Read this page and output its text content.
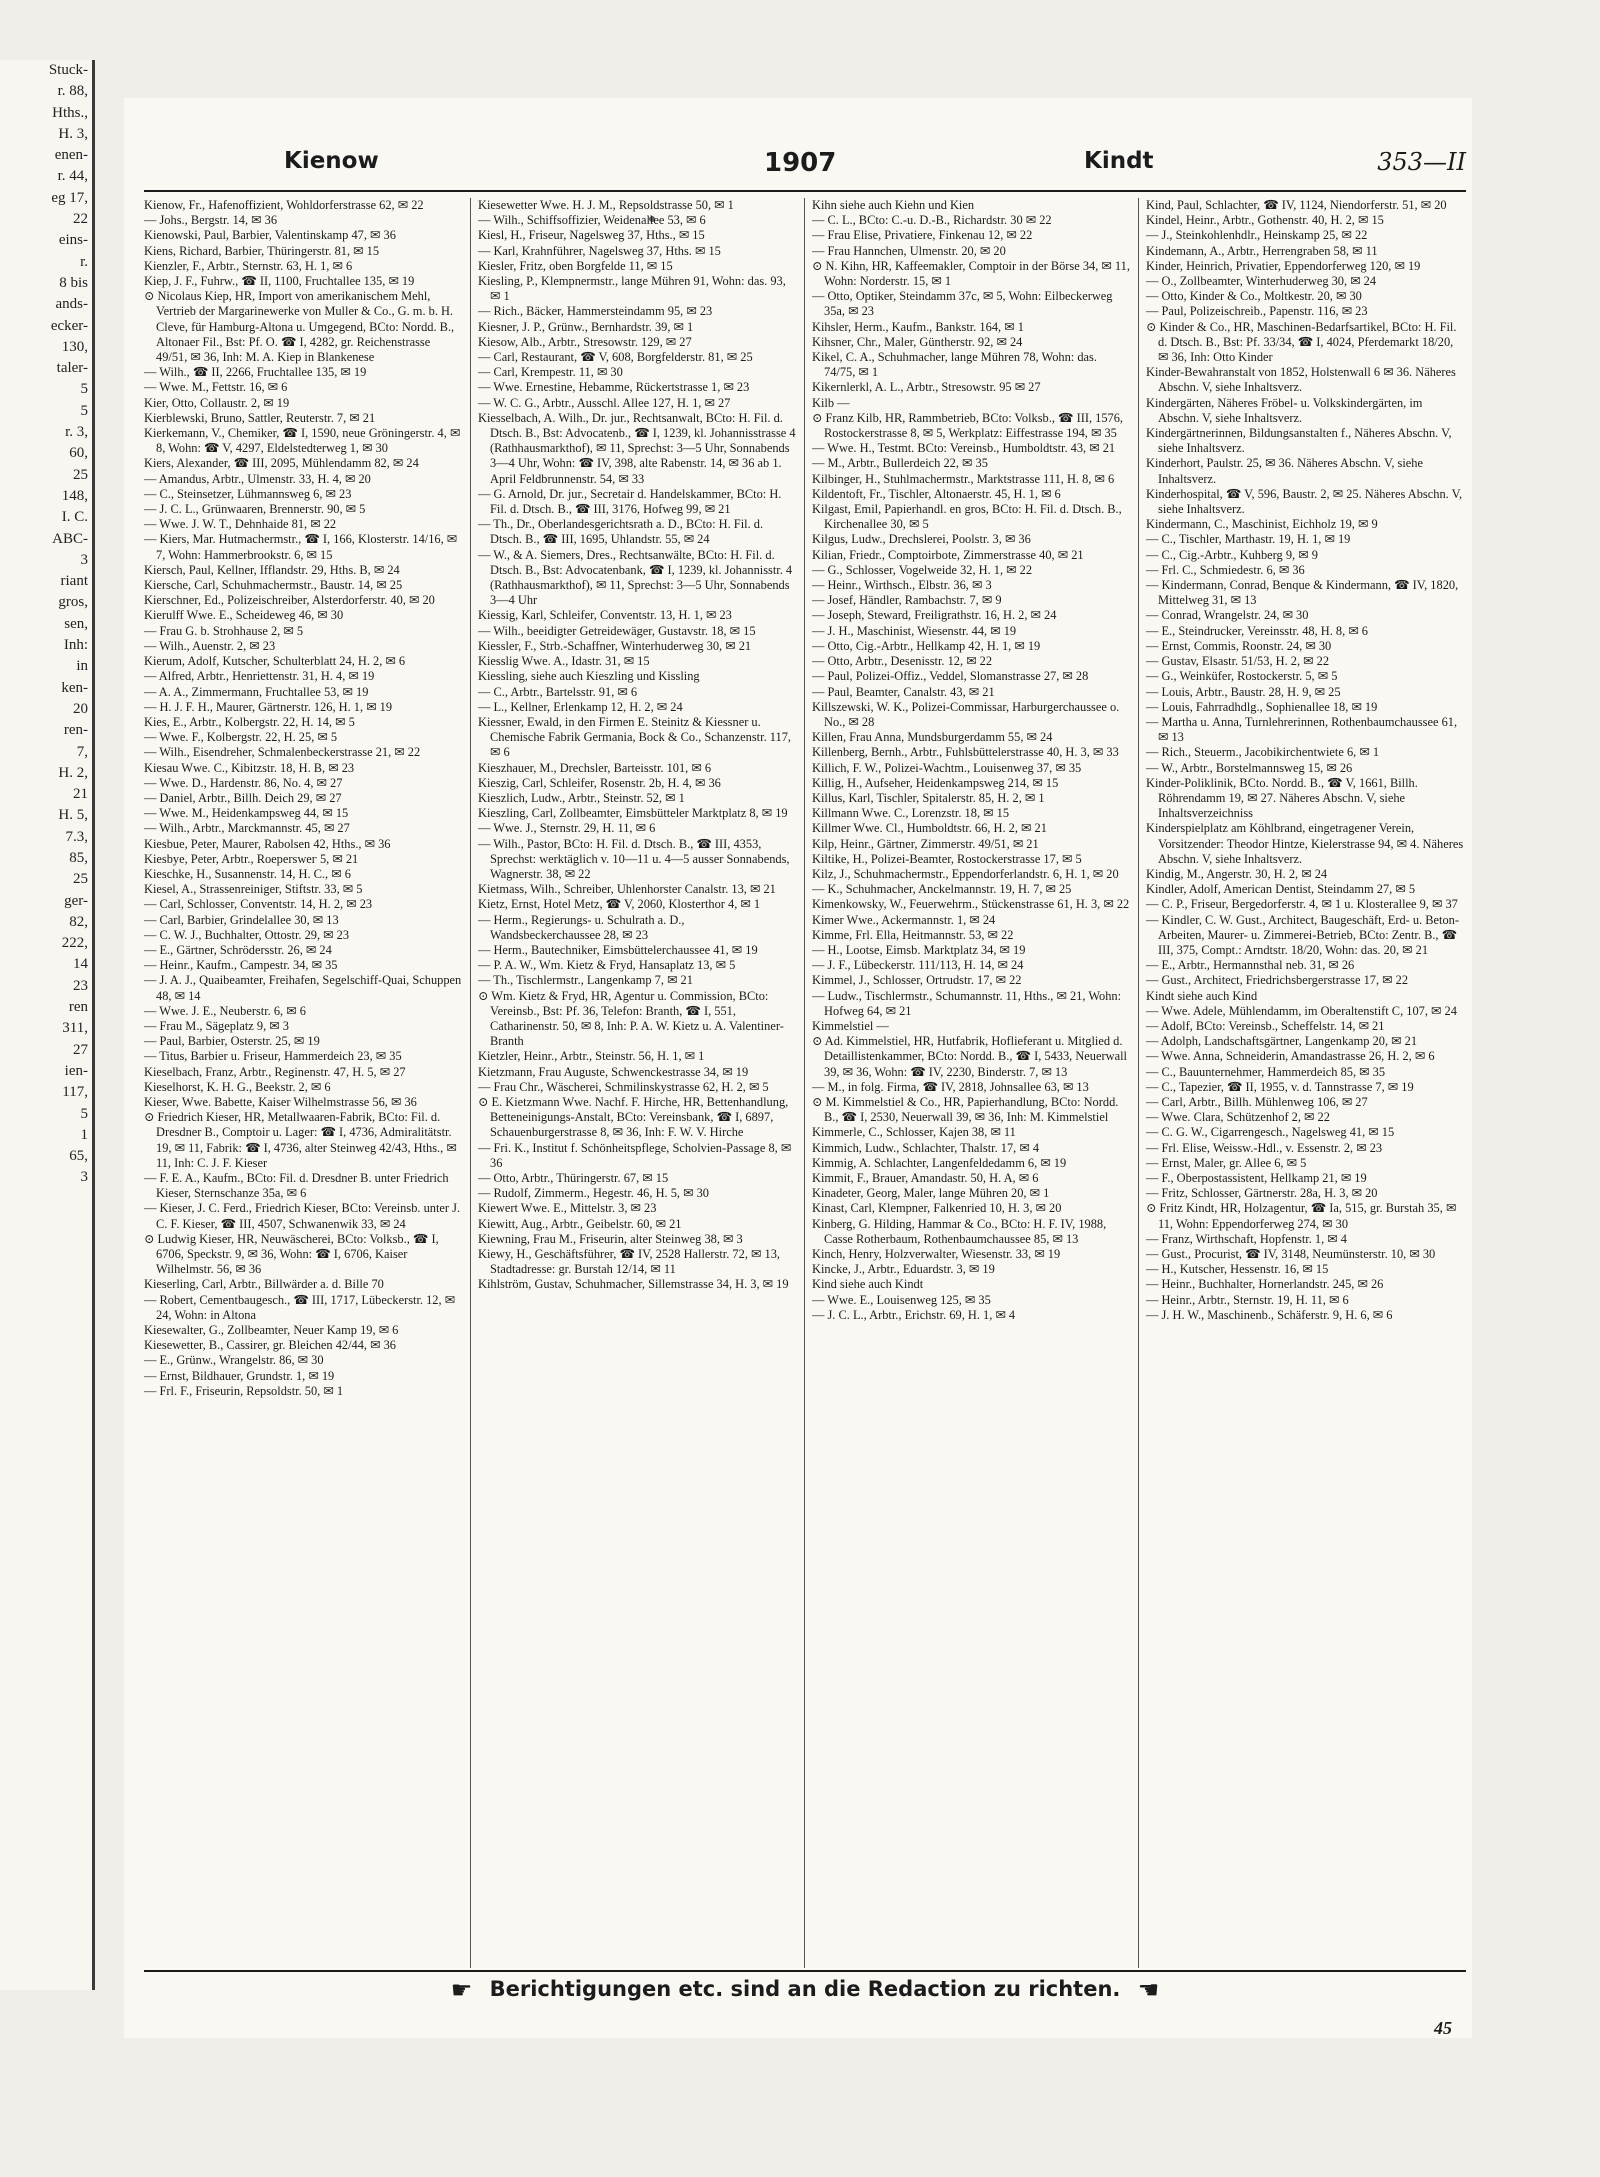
Stuck-
r. 88,
Hths.,
H. 3,
enen-
r. 44,
eg 17,
22
eins-
r.
8 bis
ands-
ecker-
130,
taler-
5
5
r. 3,
60,
25
148,
I. C.
ABC-
3
riant
gros,
sen,
Inh:
in
ken-
20
ren-
7,
H. 2,
21
H. 5,
7.3,
85,
25
ger-
82,
222,
14
23
ren
311,
27
ien-
117,
5
1
65,
3
Kienow	1907	Kindt	353—II

Kienow, Fr., Hafenoffizient, Wohldorferstrasse 62, ✉ 22

— Johs., Bergstr. 14, ✉ 36

Kienowski, Paul, Barbier, Valentinskamp 47, ✉ 36

Kiens, Richard, Barbier, Thüringerstr. 81, ✉ 15

Kienzler, F., Arbtr., Sternstr. 63, H. 1, ✉ 6

Kiep, J. F., Fuhrw., ☎ II, 1100, Fruchtallee 135, ✉ 19

⊙ Nicolaus Kiep, HR, Import von amerikanischem Mehl, Vertrieb der Margarinewerke von Muller & Co., G. m. b. H. Cleve, für Hamburg-Altona u. Umgegend, BCto: Nordd. B., Altonaer Fil., Bst: Pf. O. ☎ I, 4282, gr. Reichenstrasse 49/51, ✉ 36, Inh: M. A. Kiep in Blankenese

— Wilh., ☎ II, 2266, Fruchtallee 135, ✉ 19

— Wwe. M., Fettstr. 16, ✉ 6

Kier, Otto, Collaustr. 2, ✉ 19

Kierblewski, Bruno, Sattler, Reuterstr. 7, ✉ 21

Kierkemann, V., Chemiker, ☎ I, 1590, neue Gröningerstr. 4, ✉ 8, Wohn: ☎ V, 4297, Eldelstedterweg 1, ✉ 30

Kiers, Alexander, ☎ III, 2095, Mühlendamm 82, ✉ 24

— Amandus, Arbtr., Ulmenstr. 33, H. 4, ✉ 20

— C., Steinsetzer, Lühmannsweg 6, ✉ 23

— J. C. L., Grünwaaren, Brennerstr. 90, ✉ 5

— Wwe. J. W. T., Dehnhaide 81, ✉ 22

— Kiers, Mar. Hutmachermstr., ☎ I, 166, Klosterstr. 14/16, ✉ 7, Wohn: Hammerbrookstr. 6, ✉ 15

Kiersch, Paul, Kellner, Ifflandstr. 29, Hths. B, ✉ 24

Kiersche, Carl, Schuhmachermstr., Baustr. 14, ✉ 25

Kierschner, Ed., Polizeischreiber, Alsterdorferstr. 40, ✉ 20

Kierulff Wwe. E., Scheideweg 46, ✉ 30

— Frau G. b. Strohhause 2, ✉ 5

— Wilh., Auenstr. 2, ✉ 23

Kierum, Adolf, Kutscher, Schulterblatt 24, H. 2, ✉ 6

— Alfred, Arbtr., Henriettenstr. 31, H. 4, ✉ 19

— A. A., Zimmermann, Fruchtallee 53, ✉ 19

— H. J. F. H., Maurer, Gärtnerstr. 126, H. 1, ✉ 19

Kies, E., Arbtr., Kolbergstr. 22, H. 14, ✉ 5

— Wwe. F., Kolbergstr. 22, H. 25, ✉ 5

— Wilh., Eisendreher, Schmalenbeckerstrasse 21, ✉ 22

Kiesau Wwe. C., Kibitzstr. 18, H. B, ✉ 23

— Wwe. D., Hardenstr. 86, No. 4, ✉ 27

— Daniel, Arbtr., Billh. Deich 29, ✉ 27

— Wwe. M., Heidenkampsweg 44, ✉ 15

— Wilh., Arbtr., Marckmannstr. 45, ✉ 27

Kiesbue, Peter, Maurer, Rabolsen 42, Hths., ✉ 36

Kiesbye, Peter, Arbtr., Roeperswег 5, ✉ 21

Kieschke, H., Susannenstr. 14, H. C., ✉ 6

Kiesel, A., Strassenreiniger, Stiftstr. 33, ✉ 5

— Carl, Schlosser, Conventstr. 14, H. 2, ✉ 23

— Carl, Barbier, Grindelallee 30, ✉ 13

— C. W. J., Buchhalter, Ottostr. 29, ✉ 23

— E., Gärtner, Schrödersstr. 26, ✉ 24

— Heinr., Kaufm., Campestr. 34, ✉ 35

— J. A. J., Quaibeamter, Freihafen, Segelschiff-Quai, Schuppen 48, ✉ 14

— Wwe. J. E., Neuberstr. 6, ✉ 6

— Frau M., Sägeplatz 9, ✉ 3

— Paul, Barbier, Osterstr. 25, ✉ 19

— Titus, Barbier u. Friseur, Hammerdeich 23, ✉ 35

Kieselbach, Franz, Arbtr., Reginenstr. 47, H. 5, ✉ 27

Kieselhorst, K. H. G., Beekstr. 2, ✉ 6

Kieser, Wwe. Babette, Kaiser Wilhelmstrasse 56, ✉ 36

⊙ Friedrich Kieser, HR, Metallwaaren-Fabrik, BCto: Fil. d. Dresdner B., Comptoir u. Lager: ☎ I, 4736, Admiralitätstr. 19, ✉ 11, Fabrik: ☎ I, 4736, alter Steinweg 42/43, Hths., ✉ 11, Inh: C. J. F. Kieser

— F. E. A., Kaufm., BCto: Fil. d. Dresdner B. unter Friedrich Kieser, Sternschanze 35a, ✉ 6

— Kieser, J. C. Ferd., Friedrich Kieser, BCto: Vereinsb. unter J. C. F. Kieser, ☎ III, 4507, Schwanenwik 33, ✉ 24

⊙ Ludwig Kieser, HR, Neuwäscherei, BCto: Volksb., ☎ I, 6706, Speckstr. 9, ✉ 36, Wohn: ☎ I, 6706, Kaiser Wilhelmstr. 56, ✉ 36

Kieserling, Carl, Arbtr., Billwärder a. d. Bille 70

— Robert, Cementbaugesch., ☎ III, 1717, Lübeckerstr. 12, ✉ 24, Wohn: in Altona

Kiesewalter, G., Zollbeamter, Neuer Kamp 19, ✉ 6

Kiesewetter, B., Cassirer, gr. Bleichen 42/44, ✉ 36

— E., Grünw., Wrangelstr. 86, ✉ 30

— Ernst, Bildhauer, Grundstr. 1, ✉ 19

— Frl. F., Friseurin, Repsoldstr. 50, ✉ 1

Kiesewetter Wwe. H. J. M., Repsoldstrasse 50, ✉ 1

— Wilh., Schiffsoffizier, Weidenallee 53, ✉ 6

Kiesl, H., Friseur, Nagelsweg 37, Hths., ✉ 15

— Karl, Krahnführer, Nagelsweg 37, Hths. ✉ 15

Kiesler, Fritz, oben Borgfelde 11, ✉ 15

Kiesling, P., Klempnermstr., lange Mühren 91, Wohn: das. 93, ✉ 1

— Rich., Bäcker, Hammersteindamm 95, ✉ 23

Kiesner, J. P., Grünw., Bernhardstr. 39, ✉ 1

Kiesow, Alb., Arbtr., Stresowstr. 129, ✉ 27

— Carl, Restaurant, ☎ V, 608, Borgfelderstr. 81, ✉ 25

— Carl, Krempestr. 11, ✉ 30

— Wwe. Ernestine, Hebamme, Rückertstrasse 1, ✉ 23

— W. C. G., Arbtr., Ausschl. Allee 127, H. 1, ✉ 27

Kiesselbach, A. Wilh., Dr. jur., Rechtsanwalt, BCto: H. Fil. d. Dtsch. B., Bst: Advocatenb., ☎ I, 1239, kl. Johannisstrasse 4 (Rathhausmarkthof), ✉ 11, Sprechst: 3—5 Uhr, Sonnabends 3—4 Uhr, Wohn: ☎ IV, 398, alte Rabenstr. 14, ✉ 36 ab 1. April Feldbrunnenstr. 54, ✉ 33

— G. Arnold, Dr. jur., Secretair d. Handelskammer, BCto: H. Fil. d. Dtsch. B., ☎ III, 3176, Hofweg 99, ✉ 21

— Th., Dr., Oberlandesgerichtsrath a. D., BCto: H. Fil. d. Dtsch. B., ☎ III, 1695, Uhlandstr. 55, ✉ 24

— W., & A. Siemers, Dres., Rechtsanwälte, BCto: H. Fil. d. Dtsch. B., Bst: Advocatenbank, ☎ I, 1239, kl. Johannisstr. 4 (Rathhausmarkthof), ✉ 11, Sprechst: 3—5 Uhr, Sonnabends 3—4 Uhr

Kiessig, Karl, Schleifer, Conventstr. 13, H. 1, ✉ 23

— Wilh., beeidigter Getreidewäger, Gustavstr. 18, ✉ 15

Kiessler, F., Strb.-Schaffner, Winterhuderweg 30, ✉ 21

Kiesslig Wwe. A., Idastr. 31, ✉ 15

Kiessling, siehe auch Kieszling und Kissling

— C., Arbtr., Bartelsstr. 91, ✉ 6

— L., Kellner, Erlenkamp 12, H. 2, ✉ 24

Kiessner, Ewald, in den Firmen E. Steinitz & Kiessner u. Chemische Fabrik Germania, Bock & Co., Schanzenstr. 117, ✉ 6

Kieszhauer, M., Drechsler, Barteisstr. 101, ✉ 6

Kieszig, Carl, Schleifer, Rosenstr. 2b, H. 4, ✉ 36

Kieszlich, Ludw., Arbtr., Steinstr. 52, ✉ 1

Kieszling, Carl, Zollbeamter, Eimsbütteler Marktplatz 8, ✉ 19

— Wwe. J., Sternstr. 29, H. 11, ✉ 6

— Wilh., Pastor, BCto: H. Fil. d. Dtsch. B., ☎ III, 4353, Sprechst: werktäglich v. 10—11 u. 4—5 ausser Sonnabends, Wagnerstr. 38, ✉ 22

Kietmass, Wilh., Schreiber, Uhlenhorster Canalstr. 13, ✉ 21

Kietz, Ernst, Hotel Metz, ☎ V, 2060, Klosterthor 4, ✉ 1

— Herm., Regierungs- u. Schulrath a. D., Wandsbeckerchaussee 28, ✉ 23

— Herm., Bautechniker, Eimsbüttelerchaussee 41, ✉ 19

— P. A. W., Wm. Kietz & Fryd, Hansaplatz 13, ✉ 5

— Th., Tischlermstr., Langenkamp 7, ✉ 21

⊙ Wm. Kietz & Fryd, HR, Agentur u. Commission, BCto: Vereinsb., Bst: Pf. 36, Telefon: Branth, ☎ I, 551, Catharinenstr. 50, ✉ 8, Inh: P. A. W. Kietz u. A. Valentiner-Branth

Kietzler, Heinr., Arbtr., Steinstr. 56, H. 1, ✉ 1

Kietzmann, Frau Auguste, Schwenckestrasse 34, ✉ 19

— Frau Chr., Wäscherei, Schmilinskystrasse 62, H. 2, ✉ 5

⊙ E. Kietzmann Wwe. Nachf. F. Hirche, HR, Bettenhandlung, Betteneinigungs-Anstalt, BCto: Vereinsbank, ☎ I, 6897, Schauenburgerstrasse 8, ✉ 36, Inh: F. W. V. Hirche

— Fri. K., Institut f. Schönheitspflege, Scholvien-Passage 8, ✉ 36

— Otto, Arbtr., Thüringerstr. 67, ✉ 15

— Rudolf, Zimmerm., Hegestr. 46, H. 5, ✉ 30

Kiewert Wwe. E., Mittelstr. 3, ✉ 23

Kiewitt, Aug., Arbtr., Geibelstr. 60, ✉ 21

Kiewning, Frau M., Friseurin, alter Steinweg 38, ✉ 3

Kiewy, H., Geschäftsführer, ☎ IV, 2528 Hallerstr. 72, ✉ 13, Stadtadresse: gr. Burstah 12/14, ✉ 11

Kihlström, Gustav, Schuhmacher, Sillemstrasse 34, H. 3, ✉ 19

Kihn siehe auch Kiehn und Kien

— C. L., BCto: C.-u. D.-B., Richardstr. 30 ✉ 22

— Frau Elise, Privatiere, Finkenau 12, ✉ 22

— Frau Hannchen, Ulmenstr. 20, ✉ 20

⊙ N. Kihn, HR, Kaffeemakler, Comptoir in der Börse 34, ✉ 11, Wohn: Norderstr. 15, ✉ 1

— Otto, Optiker, Steindamm 37c, ✉ 5, Wohn: Eilbeckerweg 35a, ✉ 23

Kihsler, Herm., Kaufm., Bankstr. 164, ✉ 1

Kihsner, Chr., Maler, Güntherstr. 92, ✉ 24

Kikel, C. A., Schuhmacher, lange Mühren 78, Wohn: das. 74/75, ✉ 1

Kikernlerkl, A. L., Arbtr., Stresowstr. 95 ✉ 27

Kilb —

⊙ Franz Kilb, HR, Rammbetrieb, BCto: Volksb., ☎ III, 1576, Rostockerstrasse 8, ✉ 5, Werkplatz: Eiffestrasse 194, ✉ 35

— Wwe. H., Testmt. BCto: Vereinsb., Humboldtstr. 43, ✉ 21

— M., Arbtr., Bullerdeich 22, ✉ 35

Kilbinger, H., Stuhlmachermstr., Marktstrasse 111, H. 8, ✉ 6

Kildentoft, Fr., Tischler, Altonaerstr. 45, H. 1, ✉ 6

Kilgast, Emil, Papierhandl. en gros, BCto: H. Fil. d. Dtsch. B., Kirchenallee 30, ✉ 5

Kilgus, Ludw., Drechslerei, Poolstr. 3, ✉ 36

Kilian, Friedr., Comptoirbote, Zimmerstrasse 40, ✉ 21

— G., Schlosser, Vogelweide 32, H. 1, ✉ 22

— Heinr., Wirthsch., Elbstr. 36, ✉ 3

— Josef, Händler, Rambachstr. 7, ✉ 9

— Joseph, Steward, Freiligrathstr. 16, H. 2, ✉ 24

— J. H., Maschinist, Wiesenstr. 44, ✉ 19

— Otto, Cig.-Arbtr., Hellkamp 42, H. 1, ✉ 19

— Otto, Arbtr., Desenisstr. 12, ✉ 22

— Paul, Polizei-Offiz., Veddel, Slomanstrasse 27, ✉ 28

— Paul, Beamter, Canalstr. 43, ✉ 21

Killszewski, W. K., Polizei-Commissar, Harburgerchaussee o. No., ✉ 28

Killen, Frau Anna, Mundsburgerdamm 55, ✉ 24

Killenberg, Bernh., Arbtr., Fuhlsbüttelerstrasse 40, H. 3, ✉ 33

Killich, F. W., Polizei-Wachtm., Louisenweg 37, ✉ 35

Killig, H., Aufseher, Heidenkampsweg 214, ✉ 15

Killus, Karl, Tischler, Spitalerstr. 85, H. 2, ✉ 1

Killmann Wwe. C., Lorenzstr. 18, ✉ 15

Killmer Wwe. Cl., Humboldtstr. 66, H. 2, ✉ 21

Kilp, Heinr., Gärtner, Zimmerstr. 49/51, ✉ 21

Kiltike, H., Polizei-Beamter, Rostockerstrasse 17, ✉ 5

Kilz, J., Schuhmachermstr., Eppendorferlandstr. 6, H. 1, ✉ 20

— K., Schuhmacher, Anckelmannstr. 19, H. 7, ✉ 25

Kimenkowsky, W., Feuerwehrm., Stückenstrasse 61, H. 3, ✉ 22

Kimer Wwe., Ackermannstr. 1, ✉ 24

Kimme, Frl. Ella, Heitmannstr. 53, ✉ 22

— H., Lootse, Eimsb. Marktplatz 34, ✉ 19

— J. F., Lübeckerstr. 111/113, H. 14, ✉ 24

Kimmel, J., Schlosser, Ortrudstr. 17, ✉ 22

— Ludw., Tischlermstr., Schumannstr. 11, Hths., ✉ 21, Wohn: Hofweg 64, ✉ 21

Kimmelstiel —

⊙ Ad. Kimmelstiel, HR, Hutfabrik, Hoflieferant u. Mitglied d. Detaillistenkammer, BCto: Nordd. B., ☎ I, 5433, Neuerwall 39, ✉ 36, Wohn: ☎ IV, 2230, Binderstr. 7, ✉ 13

— M., in folg. Firma, ☎ IV, 2818, Johnsallee 63, ✉ 13

⊙ M. Kimmelstiel & Co., HR, Papierhandlung, BCto: Nordd. B., ☎ I, 2530, Neuerwall 39, ✉ 36, Inh: M. Kimmelstiel

Kimmerle, C., Schlosser, Kajen 38, ✉ 11

Kimmich, Ludw., Schlachter, Thalstr. 17, ✉ 4

Kimmig, A. Schlachter, Langenfeldedamm 6, ✉ 19

Kimmit, F., Brauer, Amandastr. 50, H. A, ✉ 6

Kinadeter, Georg, Maler, lange Mühren 20, ✉ 1

Kinast, Carl, Klempner, Falkenried 10, H. 3, ✉ 20

Kinberg, G. Hilding, Hammar & Co., BCto: H. F. IV, 1988, Casse Rotherbaum, Rothenbaumchaussee 85, ✉ 13

Kinch, Henry, Holzverwalter, Wiesenstr. 33, ✉ 19

Kincke, J., Arbtr., Eduardstr. 3, ✉ 19

Kind siehe auch Kindt

— Wwe. E., Louisenweg 125, ✉ 35

— J. C. L., Arbtr., Erichstr. 69, H. 1, ✉ 4

Kind, Paul, Schlachter, ☎ IV, 1124, Niendorferstr. 51, ✉ 20

Kindel, Heinr., Arbtr., Gothenstr. 40, H. 2, ✉ 15

— J., Steinkohlenhdlr., Heinskamp 25, ✉ 22

Kindemann, A., Arbtr., Herrengraben 58, ✉ 11

Kinder, Heinrich, Privatier, Eppendorferweg 120, ✉ 19

— O., Zollbeamter, Winterhuderweg 30, ✉ 24

— Otto, Kinder & Co., Moltkestr. 20, ✉ 30

— Paul, Polizeischreib., Papenstr. 116, ✉ 23

⊙ Kinder & Co., HR, Maschinen-Bedarfsartikel, BCto: H. Fil. d. Dtsch. B., Bst: Pf. 33/34, ☎ I, 4024, Pferdemarkt 18/20, ✉ 36, Inh: Otto Kinder

Kinder-Bewahranstalt von 1852, Holstenwall 6 ✉ 36. Näheres Abschn. V, siehe Inhaltsverz.

Kindergärten, Näheres Fröbel- u. Volkskindergärten, im Abschn. V, siehe Inhaltsverz.

Kindergärtnerinnen, Bildungsanstalten f., Näheres Abschn. V, siehe Inhaltsverz.

Kinderhort, Paulstr. 25, ✉ 36. Näheres Abschn. V, siehe Inhaltsverz.

Kinderhospital, ☎ V, 596, Baustr. 2, ✉ 25. Näheres Abschn. V, siehe Inhaltsverz.

Kindermann, C., Maschinist, Eichholz 19, ✉ 9

— C., Tischler, Marthastr. 19, H. 1, ✉ 19

— C., Cig.-Arbtr., Kuhberg 9, ✉ 9

— Frl. C., Schmiedestr. 6, ✉ 36

— Kindermann, Conrad, Benque & Kindermann, ☎ IV, 1820, Mittelweg 31, ✉ 13

— Conrad, Wrangelstr. 24, ✉ 30

— E., Steindrucker, Vereinsstr. 48, H. 8, ✉ 6

— Ernst, Commis, Roonstr. 24, ✉ 30

— Gustav, Elsastr. 51/53, H. 2, ✉ 22

— G., Weinküfer, Rostockerstr. 5, ✉ 5

— Louis, Arbtr., Baustr. 28, H. 9, ✉ 25

— Louis, Fahrradhdlg., Sophienallee 18, ✉ 19

— Martha u. Anna, Turnlehrerinnen, Rothenbaumchaussee 61, ✉ 13

— Rich., Steuerm., Jacobikirchentwiete 6, ✉ 1

— W., Arbtr., Borstelmannsweg 15, ✉ 26

Kinder-Poliklinik, BCto. Nordd. B., ☎ V, 1661, Billh. Röhrendamm 19, ✉ 27. Näheres Abschn. V, siehe Inhaltsverzeichniss

Kinderspielplatz am Köhlbrand, eingetragener Verein, Vorsitzender: Theodor Hintze, Kielerstrasse 94, ✉ 4. Näheres Abschn. V, siehe Inhaltsverz.

Kindig, M., Angerstr. 30, H. 2, ✉ 24

Kindler, Adolf, American Dentist, Steindamm 27, ✉ 5

— C. P., Friseur, Bergedorferstr. 4, ✉ 1 u. Klosterallee 9, ✉ 37

— Kindler, C. W. Gust., Architect, Baugeschäft, Erd- u. Beton-Arbeiten, Maurer- u. Zimmerei-Betrieb, BCto: Zentr. B., ☎ III, 375, Compt.: Arndtstr. 18/20, Wohn: das. 20, ✉ 21

— E., Arbtr., Hermannsthal neb. 31, ✉ 26

— Gust., Architect, Friedrichsbergerstrasse 17, ✉ 22

Kindt siehe auch Kind

— Wwe. Adele, Mühlendamm, im Oberaltenstift C, 107, ✉ 24

— Adolf, BCto: Vereinsb., Scheffelstr. 14, ✉ 21

— Adolph, Landschaftsgärtner, Langenkamp 20, ✉ 21

— Wwe. Anna, Schneiderin, Amandastrasse 26, H. 2, ✉ 6

— C., Bauunternehmer, Hammerdeich 85, ✉ 35

— C., Tapezier, ☎ II, 1955, v. d. Tannstrasse 7, ✉ 19

— Carl, Arbtr., Billh. Mühlenweg 106, ✉ 27

— Wwe. Clara, Schützenhof 2, ✉ 22

— C. G. W., Cigarrengesch., Nagelsweg 41, ✉ 15

— Frl. Elise, Weissw.-Hdl., v. Essenstr. 2, ✉ 23

— Ernst, Maler, gr. Allee 6, ✉ 5

— F., Oberpostassistent, Hellkamp 21, ✉ 19

— Fritz, Schlosser, Gärtnerstr. 28a, H. 3, ✉ 20

⊙ Fritz Kindt, HR, Holzagentur, ☎ Ia, 515, gr. Burstah 35, ✉ 11, Wohn: Eppendorferweg 274, ✉ 30

— Franz, Wirthschaft, Hopfenstr. 1, ✉ 4

— Gust., Procurist, ☎ IV, 3148, Neumünsterstr. 10, ✉ 30

— H., Kutscher, Hessenstr. 16, ✉ 15

— Heinr., Buchhalter, Hornerlandstr. 245, ✉ 26

— Heinr., Arbtr., Sternstr. 19, H. 11, ✉ 6

— J. H. W., Maschinenb., Schäferstr. 9, H. 6, ✉ 6

☛ Berichtigungen etc. sind an die Redaction zu richten. ☚
45
